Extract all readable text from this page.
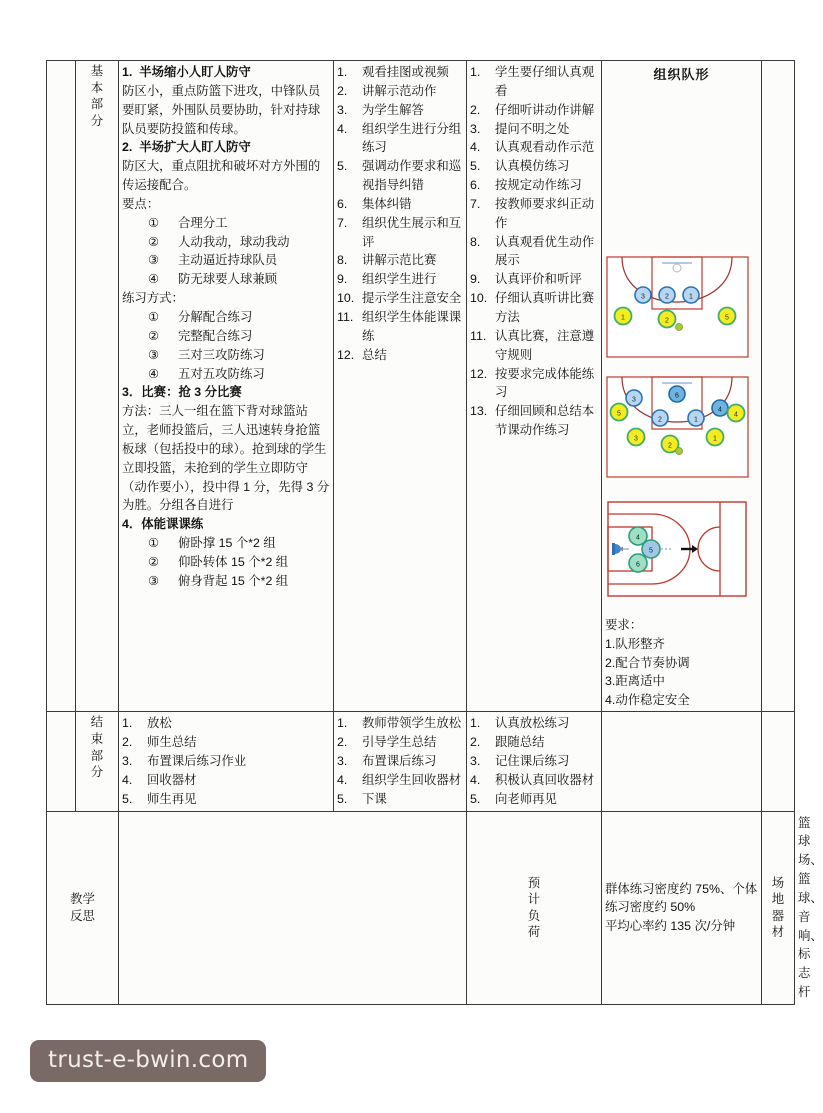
基
本
部
分

1. 半场缩小人盯人防守
防区小，重点防篮下进攻，中锋队员要盯紧，外围队员要协助，针对持球队员要防投篮和传球。
2. 半场扩大人盯人防守
防区大，重点阻扰和破坏对方外围的传运接配合。
要点：
①	合理分工
②	人动我动，球动我动
③	主动逼近持球队员
④	防无球要人球兼顾
练习方式：
①	分解配合练习
②	完整配合练习
③	三对三攻防练习
④	五对五攻防练习
3．比赛：抢 3 分比赛
方法：三人一组在篮下背对球篮站立，老师投篮后，三人迅速转身抢篮板球（包括投中的球）。抢到球的学生立即投篮，未抢到的学生立即防守（动作要小），投中得 1 分，先得 3 分为胜。分组各自进行
4．体能课课练
①	俯卧撑 15 个*2 组
②	仰卧转体 15 个*2 组
③	俯身背起 15 个*2 组

1.	观看挂图或视频
2.	讲解示范动作
3.	为学生解答
4.	组织学生进行分组练习
5.	强调动作要求和巡视指导纠错
6.	集体纠错
7.	组织优生展示和互评
8.	讲解示范比赛
9.	组织学生进行
10. 提示学生注意安全
11. 组织学生体能课课练
12. 总结

1.	学生要仔细认真观看
2.	仔细听讲动作讲解
3.	提问不明之处
4.	认真观看动作示范
5.	认真模仿练习
6.	按规定动作练习
7.	按教师要求纠正动作
8.	认真观看优生动作展示
9.	认真评价和听评
10. 仔细认真听讲比赛方法
11. 认真比赛，注意遵守规则
12. 按要求完成体能练习
13. 仔细回顾和总结本节课动作练习

组织队形
3	2	1
1	2	5
6
3
2	1
4
5	4
3
2
1
4
5
6
要求：
1.队形整齐
2.配合节奏协调
3.距离适中
4.动作稳定安全

结
束
部
分

1.	放松
2.	师生总结
3.	布置课后练习作业
4.	回收器材
5.	师生再见

1.	教师带领学生放松
2.	引导学生总结
3.	布置课后练习
4.	组织学生回收器材
5.	下课

1.	认真放松练习
2.	跟随总结
3.	记住课后练习
4.	积极认真回收器材
5.	向老师再见

教学
反思

预
计
负
荷

群体练习密度约 75%、个体练习密度约 50%
平均心率约 135 次/分钟

场
地
器
材
	篮球场、篮球、音响、标志杆
trust-e-bwin.com
